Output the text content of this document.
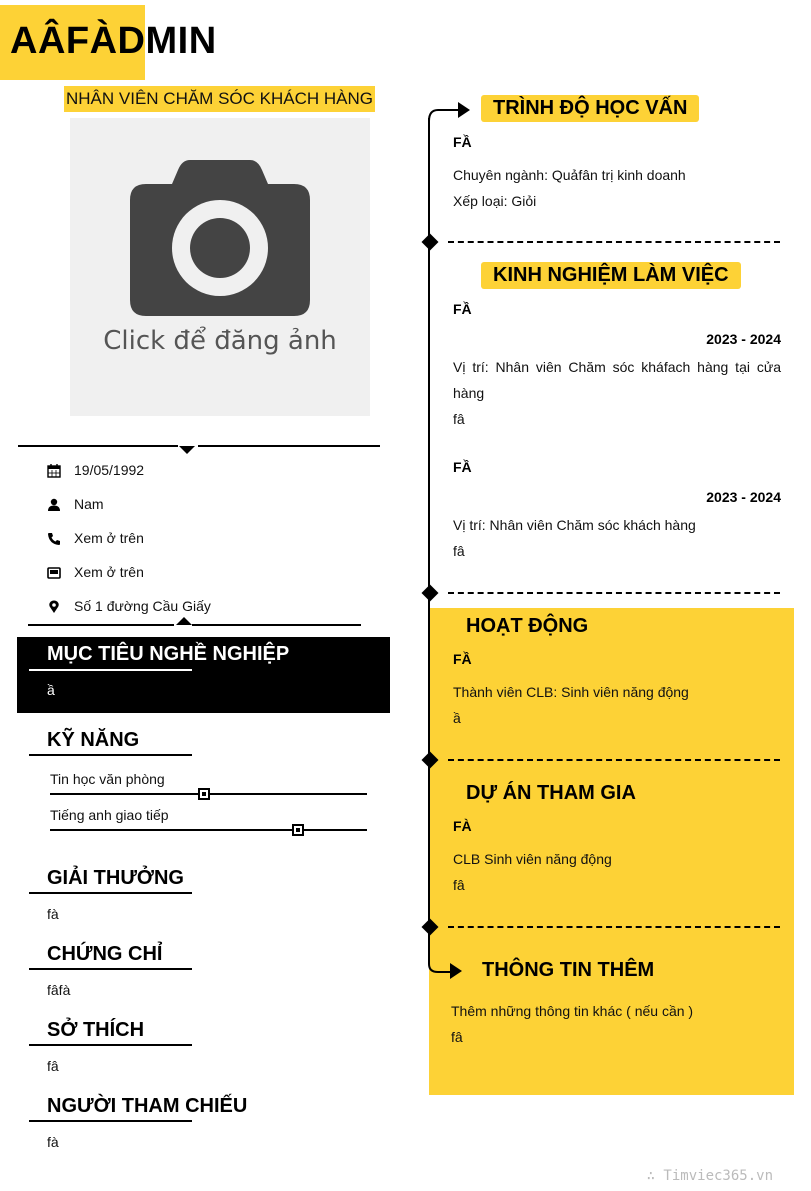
AÂFÀDMIN
NHÂN VIÊN CHĂM SÓC KHÁCH HÀNG
Click để đăng ảnh
19/05/1992
Nam
Xem ở trên
Xem ở trên
Số 1 đường Cầu Giấy
MỤC TIÊU NGHỀ NGHIỆP
ầ
KỸ NĂNG
Tin học văn phòng
Tiếng anh giao tiếp
GIẢI THƯỞNG
fà
CHỨNG CHỈ
fâfà
SỞ THÍCH
fâ
NGƯỜI THAM CHIẾU
fà
TRÌNH ĐỘ HỌC VẤN
FẦ
Chuyên ngành: Quảfân trị kinh doanh
Xếp loại: Giỏi
KINH NGHIỆM LÀM VIỆC
FẦ
2023 - 2024
Vị trí: Nhân viên Chăm sóc kháfach hàng tại cửa hàng
fâ
FẦ
2023 - 2024
Vị trí: Nhân viên Chăm sóc khách hàng
fâ
HOẠT ĐỘNG
FẦ
Thành viên CLB: Sinh viên năng động
ầ
DỰ ÁN THAM GIA
FÀ
CLB Sinh viên năng động
fâ
THÔNG TIN THÊM
Thêm những thông tin khác ( nếu cần )
fâ
∴ Timviec365.vn
